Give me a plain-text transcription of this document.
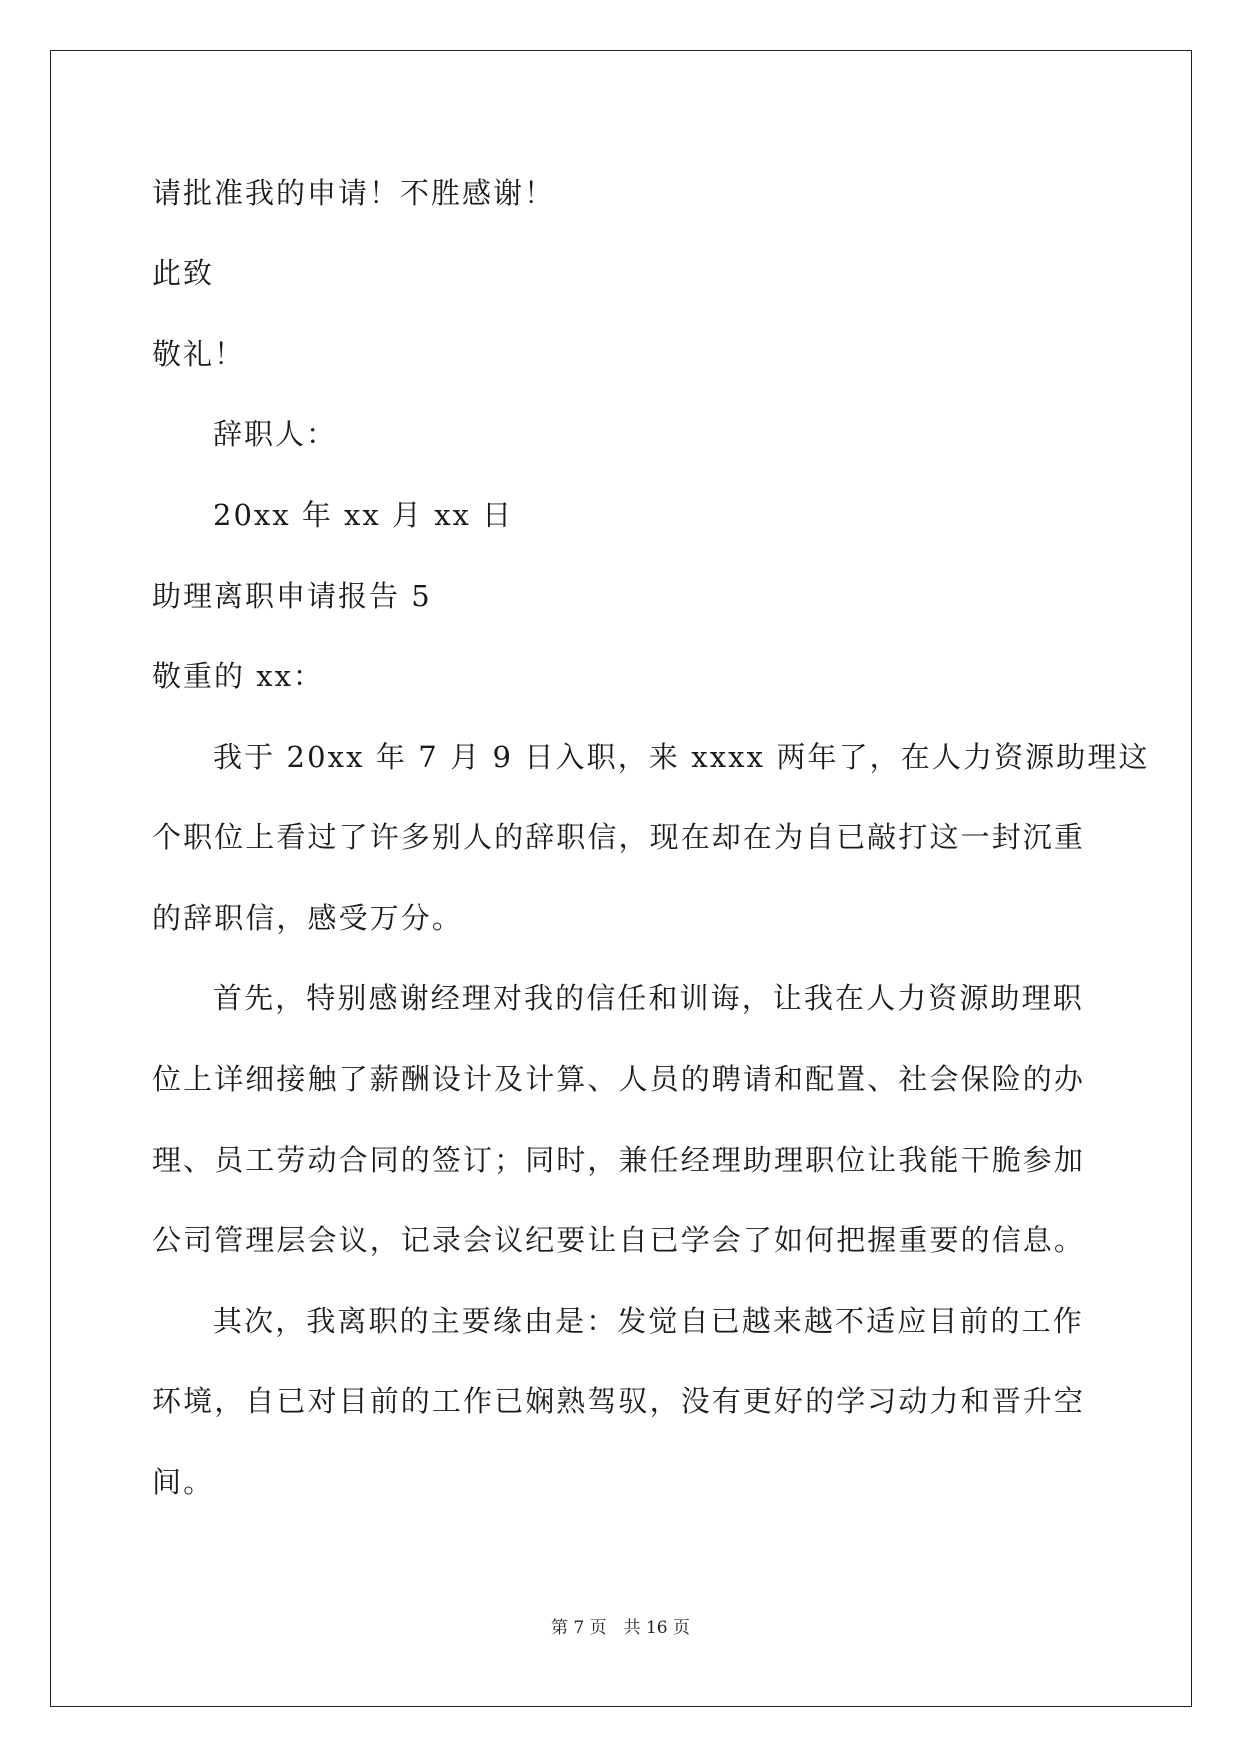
请批准我的申请！不胜感谢！

此致

敬礼！

辞职人：

20xx 年 xx 月 xx 日

助理离职申请报告 5

敬重的 xx：

我于 20xx 年 7 月 9 日入职，来 xxxx 两年了，在人力资源助理这

个职位上看过了许多别人的辞职信，现在却在为自已敲打这一封沉重

的辞职信，感受万分。

首先，特别感谢经理对我的信任和训诲，让我在人力资源助理职

位上详细接触了薪酬设计及计算、人员的聘请和配置、社会保险的办

理、员工劳动合同的签订；同时，兼任经理助理职位让我能干脆参加

公司管理层会议，记录会议纪要让自已学会了如何把握重要的信息。

其次，我离职的主要缘由是：发觉自已越来越不适应目前的工作

环境，自已对目前的工作已娴熟驾驭，没有更好的学习动力和晋升空

间。

第 7 页　共 16 页
